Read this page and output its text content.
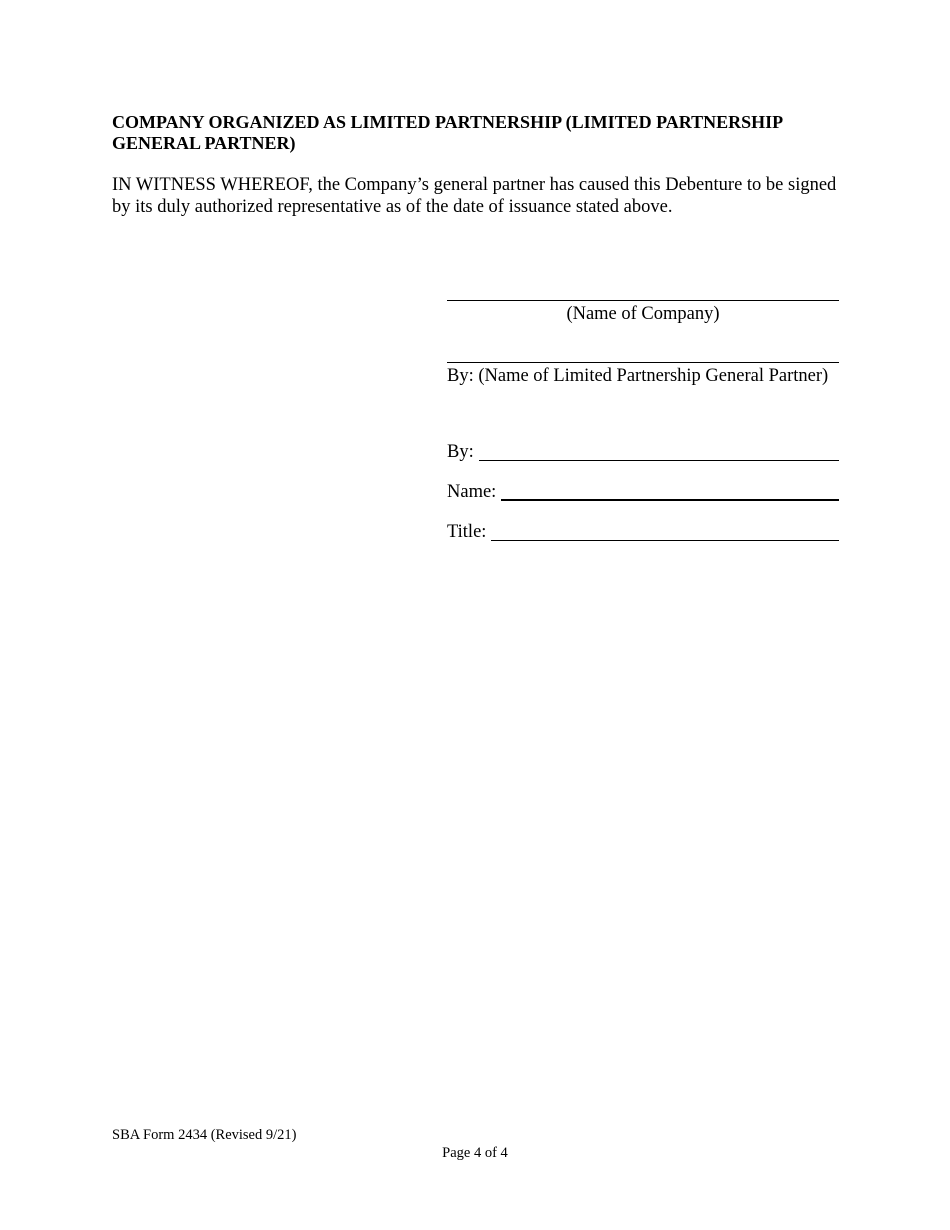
COMPANY ORGANIZED AS LIMITED PARTNERSHIP (LIMITED PARTNERSHIP GENERAL PARTNER)
IN WITNESS WHEREOF, the Company’s general partner has caused this Debenture to be signed by its duly authorized representative as of the date of issuance stated above.
(Name of Company)
By: (Name of Limited Partnership General Partner)
By:
Name:
Title:
SBA Form 2434 (Revised 9/21)
Page 4 of 4
